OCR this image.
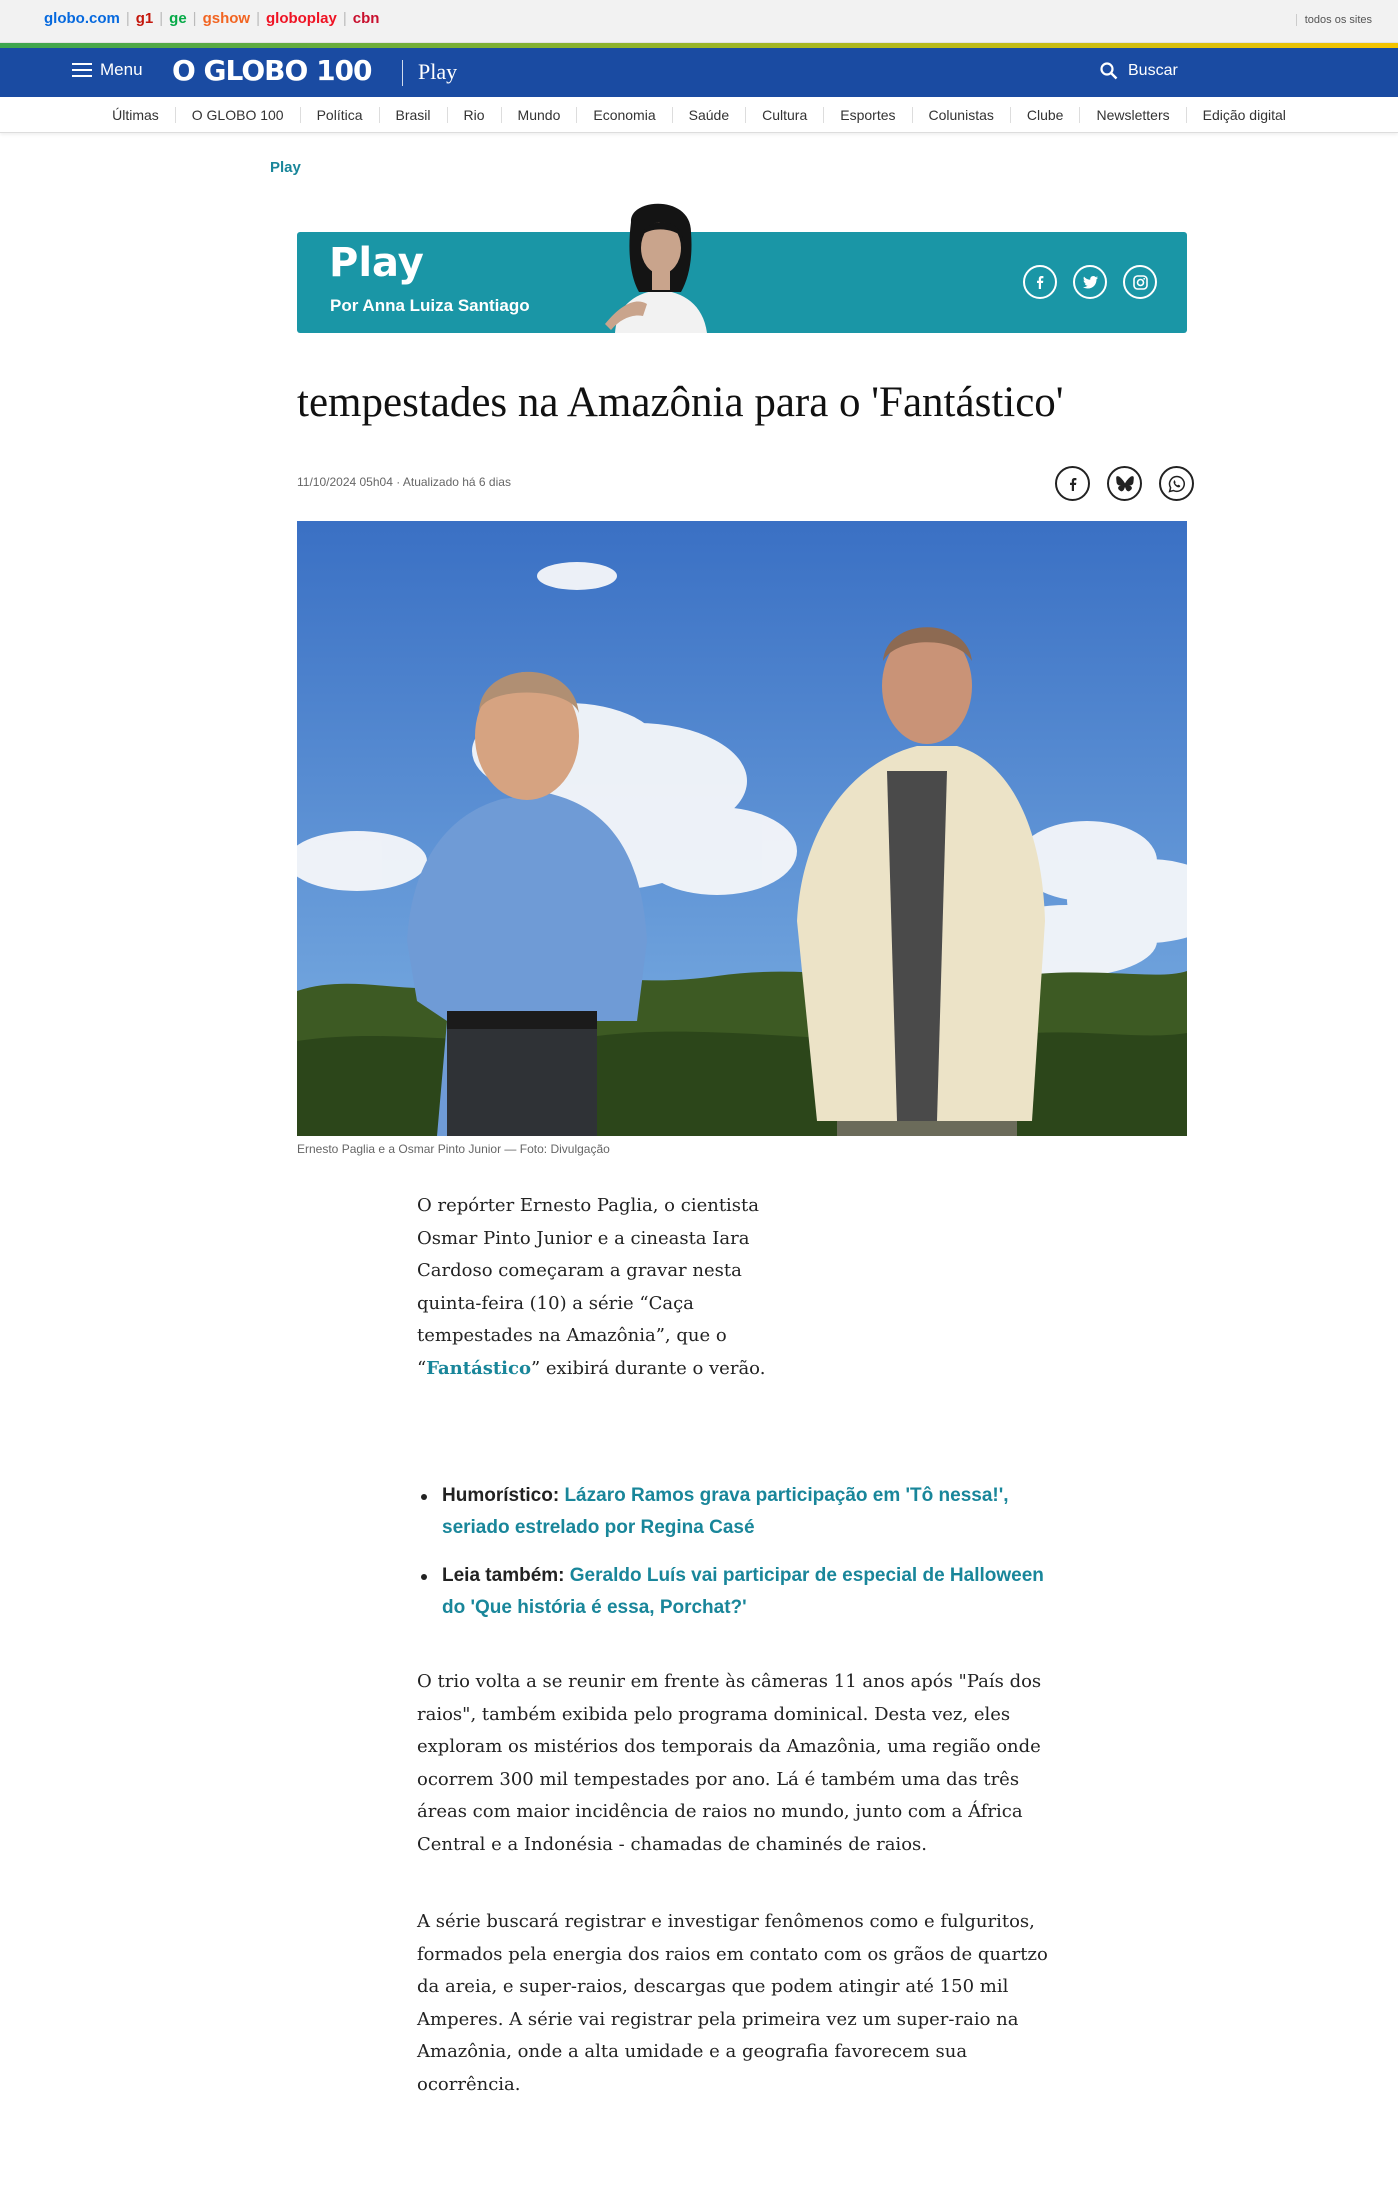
globo.com | g1 | ge | gshow | globoplay | cbn	todos os sites
Menu O GLOBO 100 Play	Buscar
Últimas	O GLOBO 100	Política	Brasil	Rio	Mundo	Economia	Saúde	Cultura	Esportes	Colunistas	Clube	Newsletters	Edição digital
Play
Play
Por Anna Luiza Santiago
tempestades na Amazônia para o 'Fantástico'
11/10/2024 05h04 · Atualizado há 6 dias
Ernesto Paglia e a Osmar Pinto Junior — Foto: Divulgação
O repórter Ernesto Paglia, o cientista Osmar Pinto Junior e a cineasta Iara Cardoso começaram a gravar nesta quinta-feira (10) a série “Caça tempestades na Amazônia”, que o “Fantástico” exibirá durante o verão.
Humorístico: Lázaro Ramos grava participação em 'Tô nessa!', seriado estrelado por Regina Casé
Leia também: Geraldo Luís vai participar de especial de Halloween do 'Que história é essa, Porchat?'
O trio volta a se reunir em frente às câmeras 11 anos após "País dos raios", também exibida pelo programa dominical. Desta vez, eles exploram os mistérios dos temporais da Amazônia, uma região onde ocorrem 300 mil tempestades por ano. Lá é também uma das três áreas com maior incidência de raios no mundo, junto com a África Central e a Indonésia - chamadas de chaminés de raios.
A série buscará registrar e investigar fenômenos como e fulguritos, formados pela energia dos raios em contato com os grãos de quartzo da areia, e super-raios, descargas que podem atingir até 150 mil Amperes. A série vai registrar pela primeira vez um super-raio na Amazônia, onde a alta umidade e a geografia favorecem sua ocorrência.
